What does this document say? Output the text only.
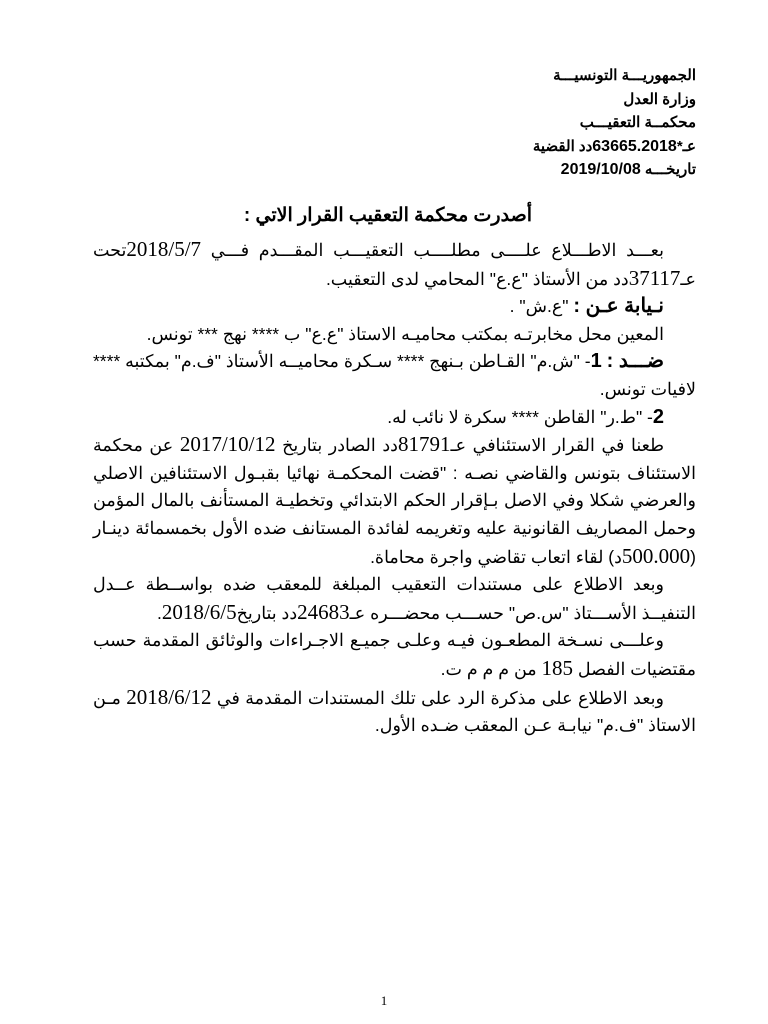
الجمهوريـــة التونسيـــة
وزارة العدل
محكمــة التعقيـــب
عـ*63665.2018دد القضية
تاريخـــه 2019/10/08
أصدرت محكمة التعقيب القرار الاتي :

بعـــد الاطـــلاع علــــى مطلــــب التعقيـــب المقـــدم فـــي 2018/5/7تحت عـ37117دد من الأستاذ "ع.ع" المحامي لدى التعقيب.

نـيابة عـن : "ع.ش" .

المعين محل مخابرتـه بمكتب محاميـه الاستاذ "ع.ع" ب **** نهج *** تونس.

ضـــد : 1- "ش.م" القـاطن بـنهج **** سـكرة محاميــه الأستاذ "ف.م" بمكتبه **** لافيات تونس.

2- "ط.ر" القاطن **** سكرة لا نائب له.

طعنا في القرار الاستئنافي عـ81791دد الصادر بتاريخ 2017/10/12 عن محكمة الاستئناف بتونس والقاضي نصـه : "قضت المحكمـة نهائيا بقبـول الاستئنافين الاصلي والعرضي شكلا وفي الاصل بـإقرار الحكم الابتدائي وتخطيـة المستأنف بالمال المؤمن وحمل المصاريف القانونية عليه وتغريمه لفائدة المستانف ضده الأول بخمسمائة دينـار (500.000د) لقاء اتعاب تقاضي واجرة محاماة.

وبعد الاطلاع على مستندات التعقيب المبلغة للمعقب ضده بواســطة عــدل التنفيــذ الأســـتاذ "س.ص" حســـب محضـــره عـ24683دد بتاريخ2018/6/5.

وعلـــى نسـخة المطعـون فيـه وعلـى جميـع الاجـراءات والوثائق المقدمة حسب مقتضيات الفصل 185 من م م م ت.

وبعد الاطلاع على مذكرة الرد على تلك المستندات المقدمة في 2018/6/12 مـن الاستاذ "ف.م" نيابـة عـن المعقب ضـده الأول.

1
